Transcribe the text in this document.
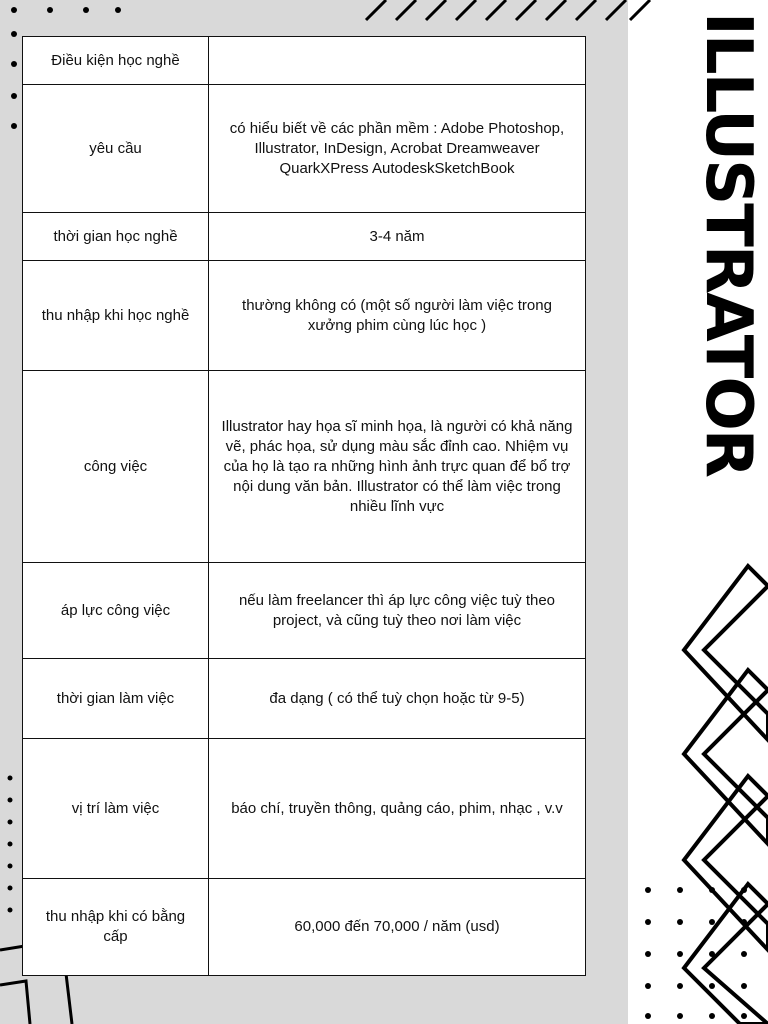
Điều kiện học nghề	
yêu cầu	có hiểu biết về các phần mềm : Adobe Photoshop, Illustrator, InDesign, Acrobat Dreamweaver QuarkXPress AutodeskSketchBook
thời gian học nghề	3-4 năm
thu nhập khi học nghề	thường không có (một số người làm việc trong xưởng phim cùng lúc học )
công việc	Illustrator hay họa sĩ minh họa, là người có khả năng vẽ, phác họa, sử dụng màu sắc đỉnh cao. Nhiệm vụ của họ là tạo ra những hình ảnh trực quan để bổ trợ nội dung văn bản. Illustrator có thể làm việc trong nhiều lĩnh vực
áp lực công việc	nếu làm freelancer thì áp lực công việc tuỳ theo project, và cũng tuỳ theo nơi làm việc
thời gian làm việc	đa dạng ( có thể tuỳ chọn hoặc từ 9-5)
vị trí làm việc	báo chí, truyền thông, quảng cáo, phim, nhạc , v.v
thu nhập khi có bằng cấp	60,000 đến 70,000 / năm (usd)
ILLUSTRATOR
